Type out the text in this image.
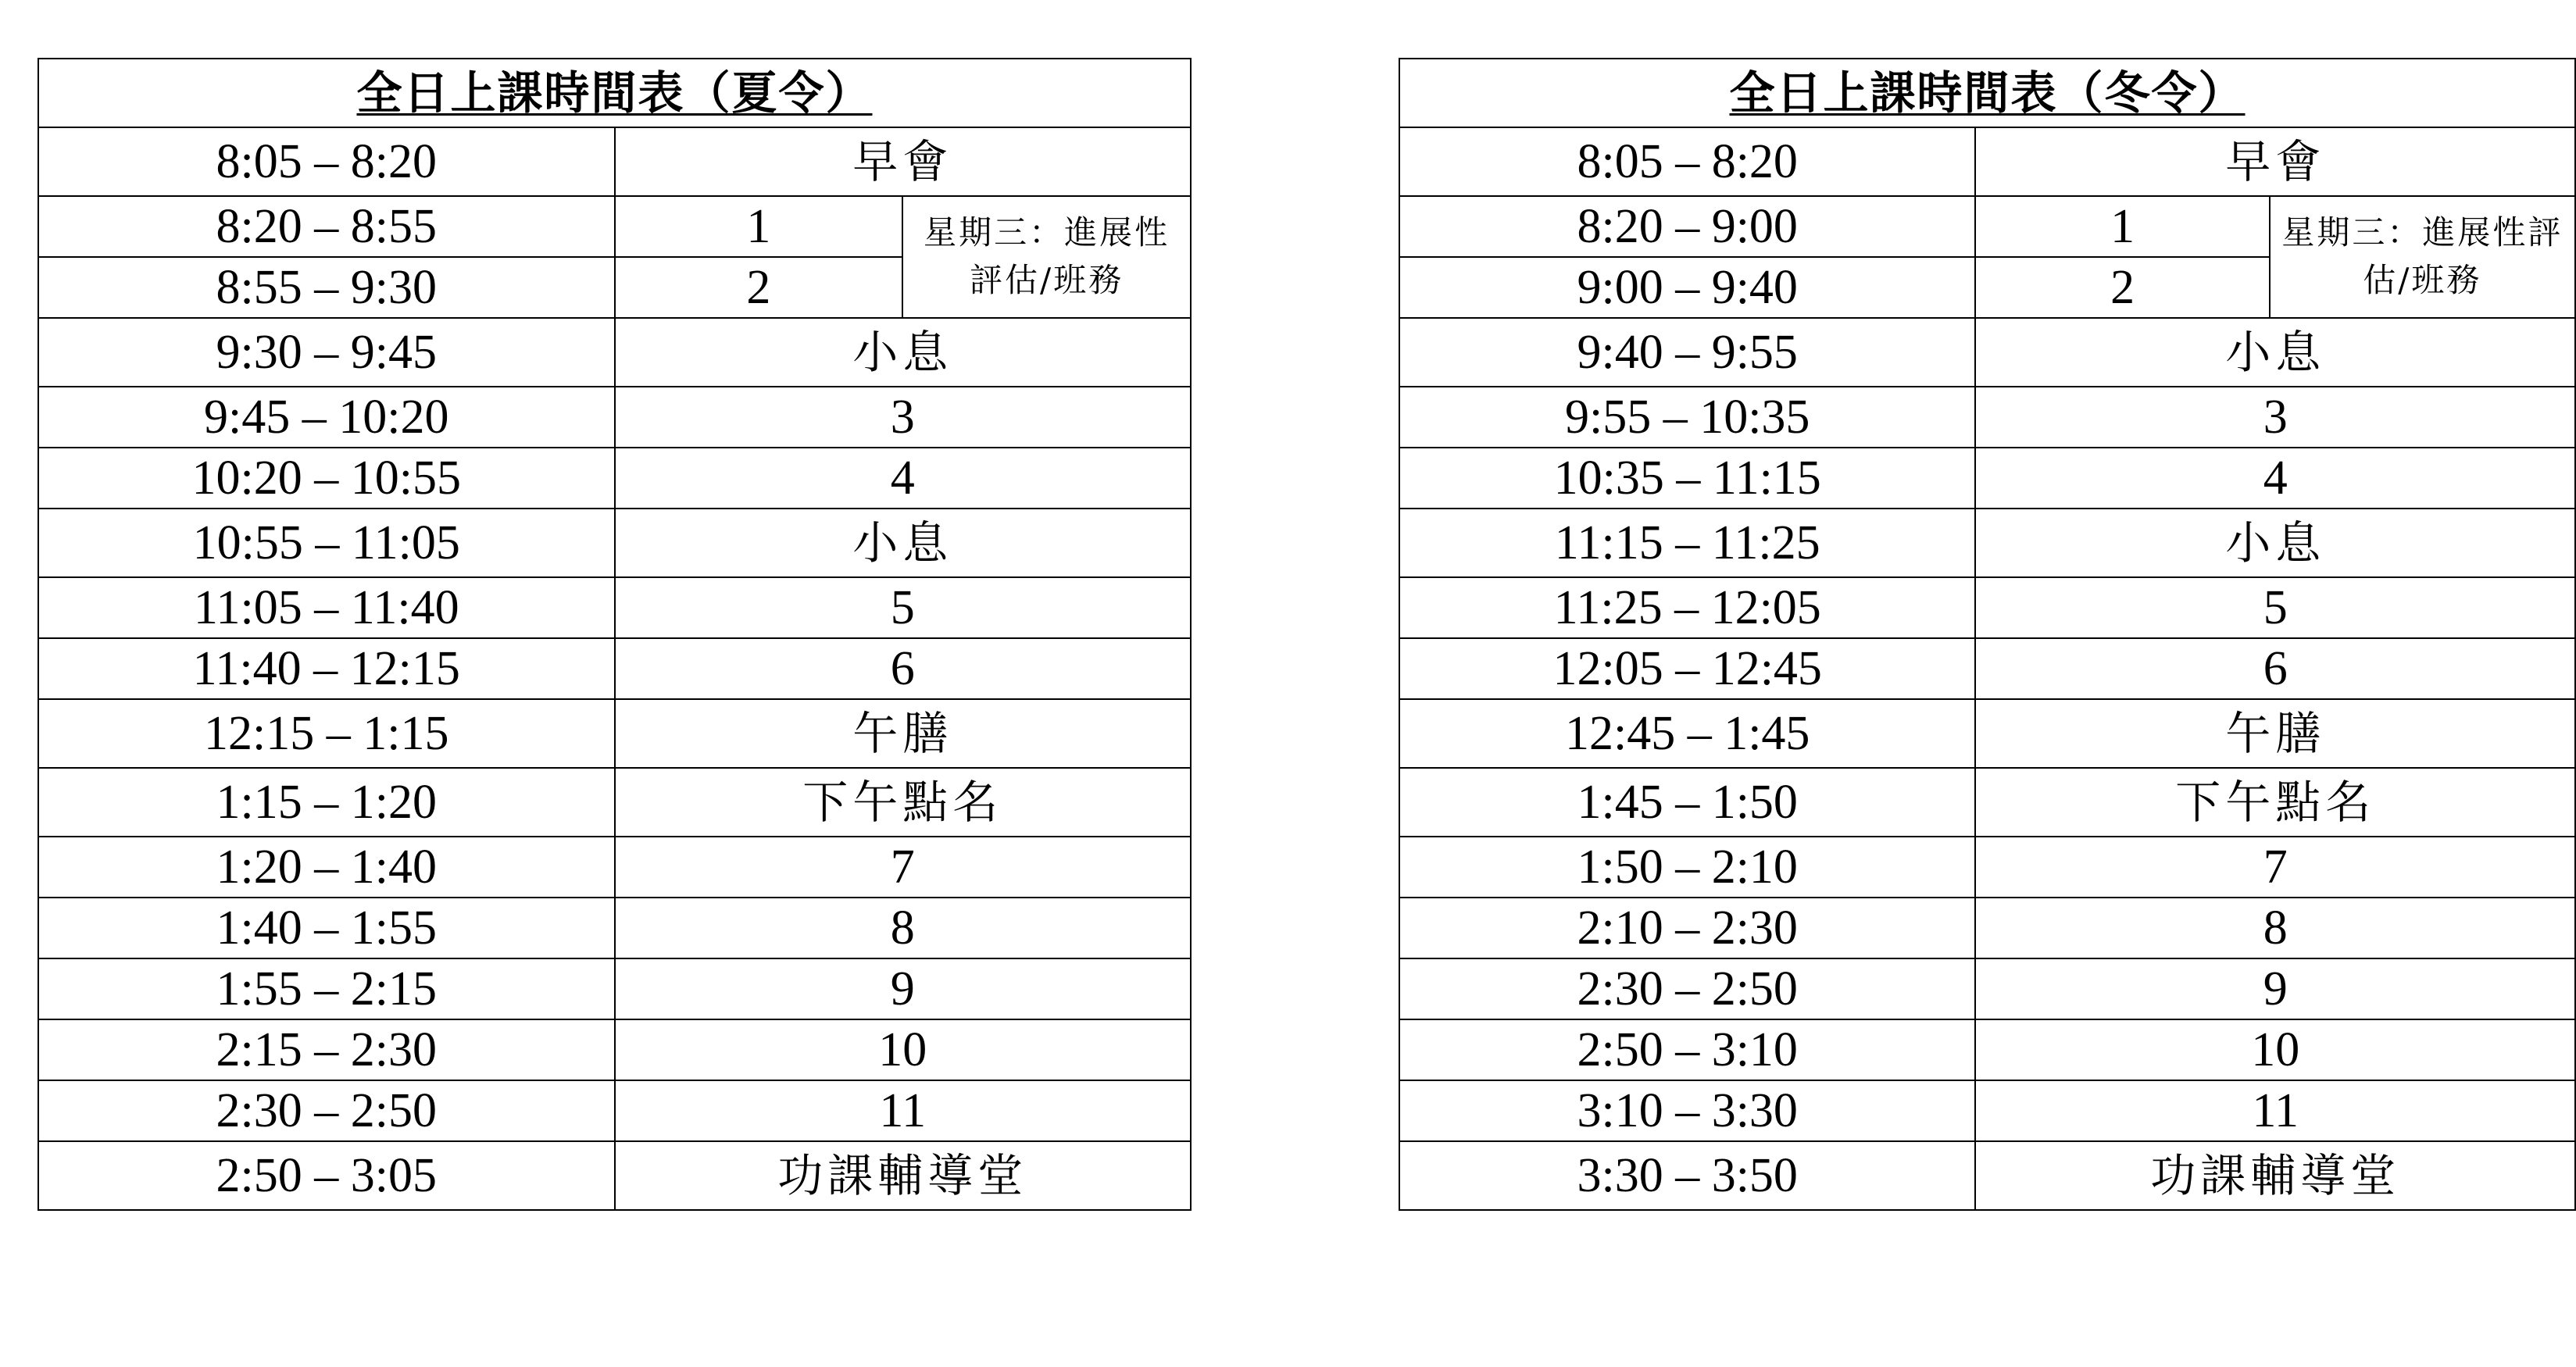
全日上課時間表（夏令）		
8:05 – 8:20	早會	
8:20 – 8:55	1	星期三：進展性評估/班務
8:55 – 9:30	2	
9:30 – 9:45	小息	
9:45 – 10:20	3	
10:20 – 10:55	4	
10:55 – 11:05	小息	
11:05 – 11:40	5	
11:40 – 12:15	6	
12:15 – 1:15	午膳	
1:15 – 1:20	下午點名	
1:20 – 1:40	7	
1:40 – 1:55	8	
1:55 – 2:15	9	
2:15 – 2:30	10	
2:30 – 2:50	11	
2:50 – 3:05	功課輔導堂	
全日上課時間表（冬令）		
8:05 – 8:20	早會	
8:20 – 9:00	1	星期三：進展性評估/班務
9:00 – 9:40	2	
9:40 – 9:55	小息	
9:55 – 10:35	3	
10:35 – 11:15	4	
11:15 – 11:25	小息	
11:25 – 12:05	5	
12:05 – 12:45	6	
12:45 – 1:45	午膳	
1:45 – 1:50	下午點名	
1:50 – 2:10	7	
2:10 – 2:30	8	
2:30 – 2:50	9	
2:50 – 3:10	10	
3:10 – 3:30	11	
3:30 – 3:50	功課輔導堂	
